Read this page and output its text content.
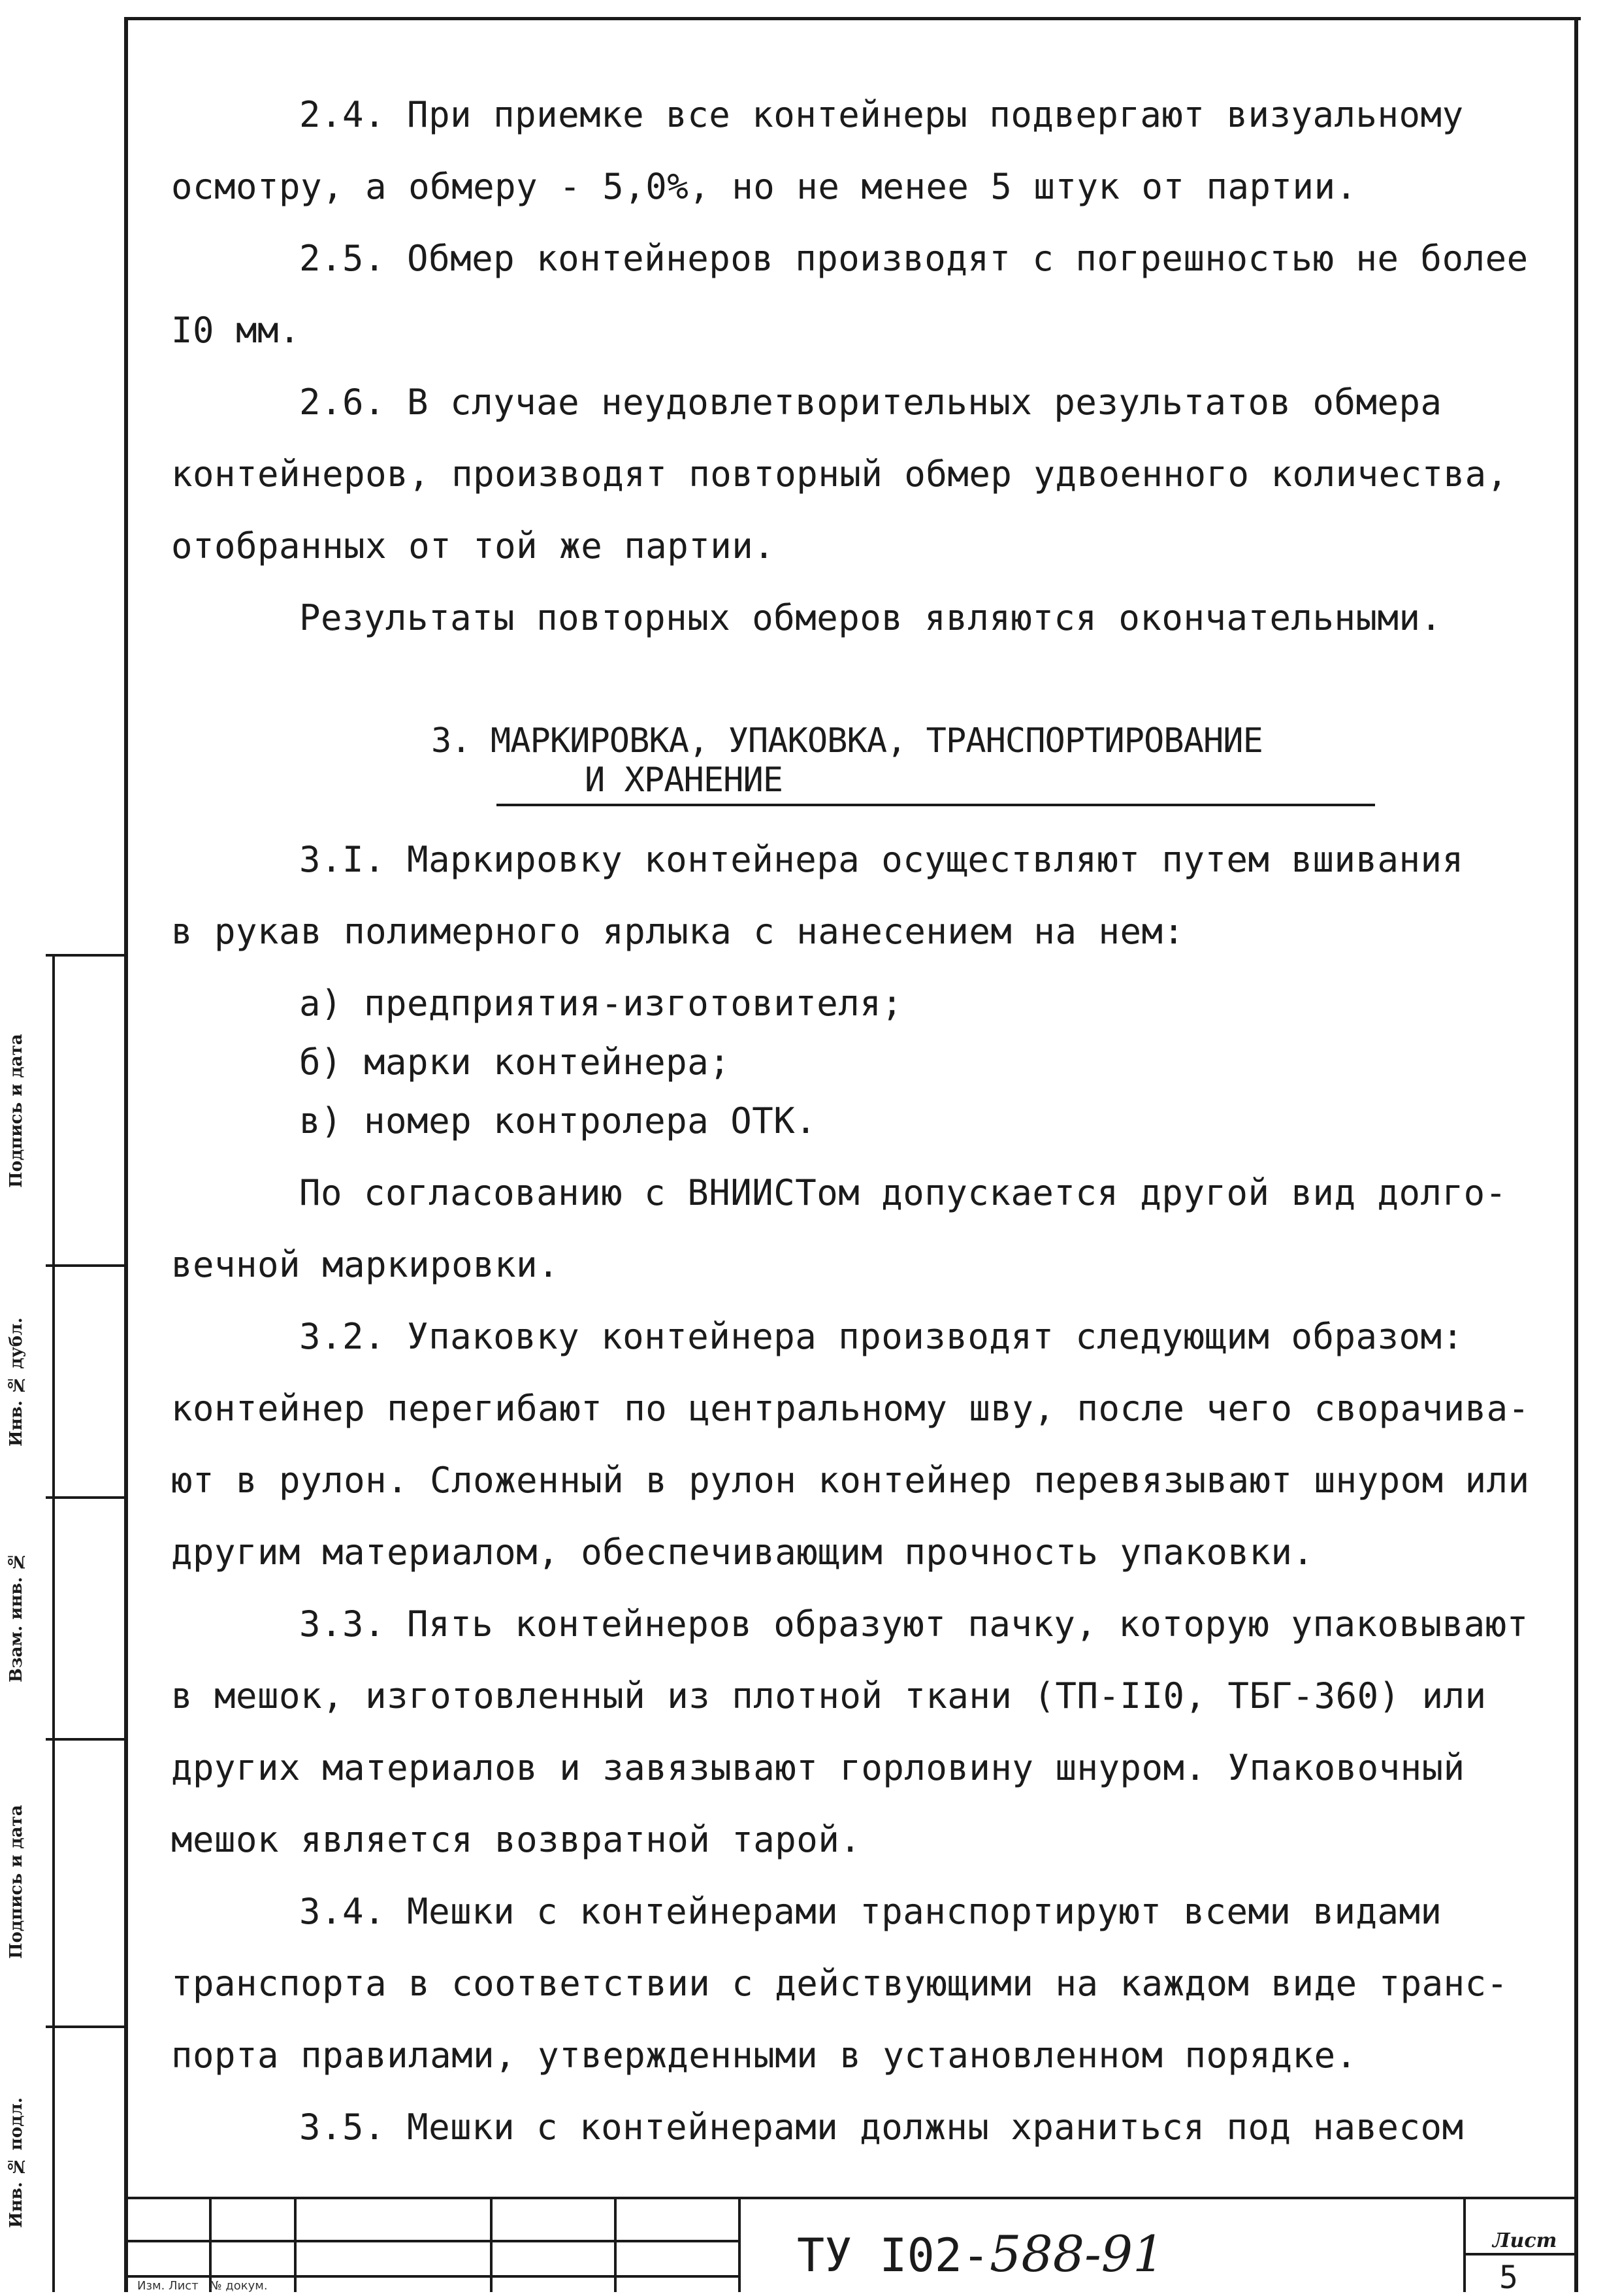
2.4. При приемке все контейнеры подвергают визуальному
осмотру, а обмеру - 5,0%, но не менее 5 штук от партии.
2.5. Обмер контейнеров производят с погрешностью не более
I0 мм.
2.6. В случае неудовлетворительных результатов обмера
контейнеров, производят повторный обмер удвоенного количества,
отобранных от той же партии.
Результаты повторных обмеров являются окончательными.
3. МАРКИРОВКА, УПАКОВКА, ТРАНСПОРТИРОВАНИЕ
И ХРАНЕНИЕ
3.I. Маркировку контейнера осуществляют путем вшивания
в рукав полимерного ярлыка с нанесением на нем:
а) предприятия-изготовителя;
б) марки контейнера;
в) номер контролера ОТК.
По согласованию с ВНИИСТом допускается другой вид долго-
вечной маркировки.
3.2. Упаковку контейнера производят следующим образом:
контейнер перегибают по центральному шву, после чего сворачива-
ют в рулон. Сложенный в рулон контейнер перевязывают шнуром или
другим материалом, обеспечивающим прочность упаковки.
3.3. Пять контейнеров образуют пачку, которую упаковывают
в мешок, изготовленный из плотной ткани (ТП-II0, ТБГ-360) или
других материалов и завязывают горловину шнуром. Упаковочный
мешок является возвратной тарой.
3.4. Мешки с контейнерами транспортируют всеми видами
транспорта в соответствии с действующими на каждом виде транс-
порта правилами, утвержденными в установленном порядке.
3.5. Мешки с контейнерами должны храниться под навесом
Подпись и дата
Инв. № дубл.
Взам. инв. №
Подпись и дата
Инв. № подл.
ТУ I02-588-91	Лист
5
Изм. Лист   № докум.
